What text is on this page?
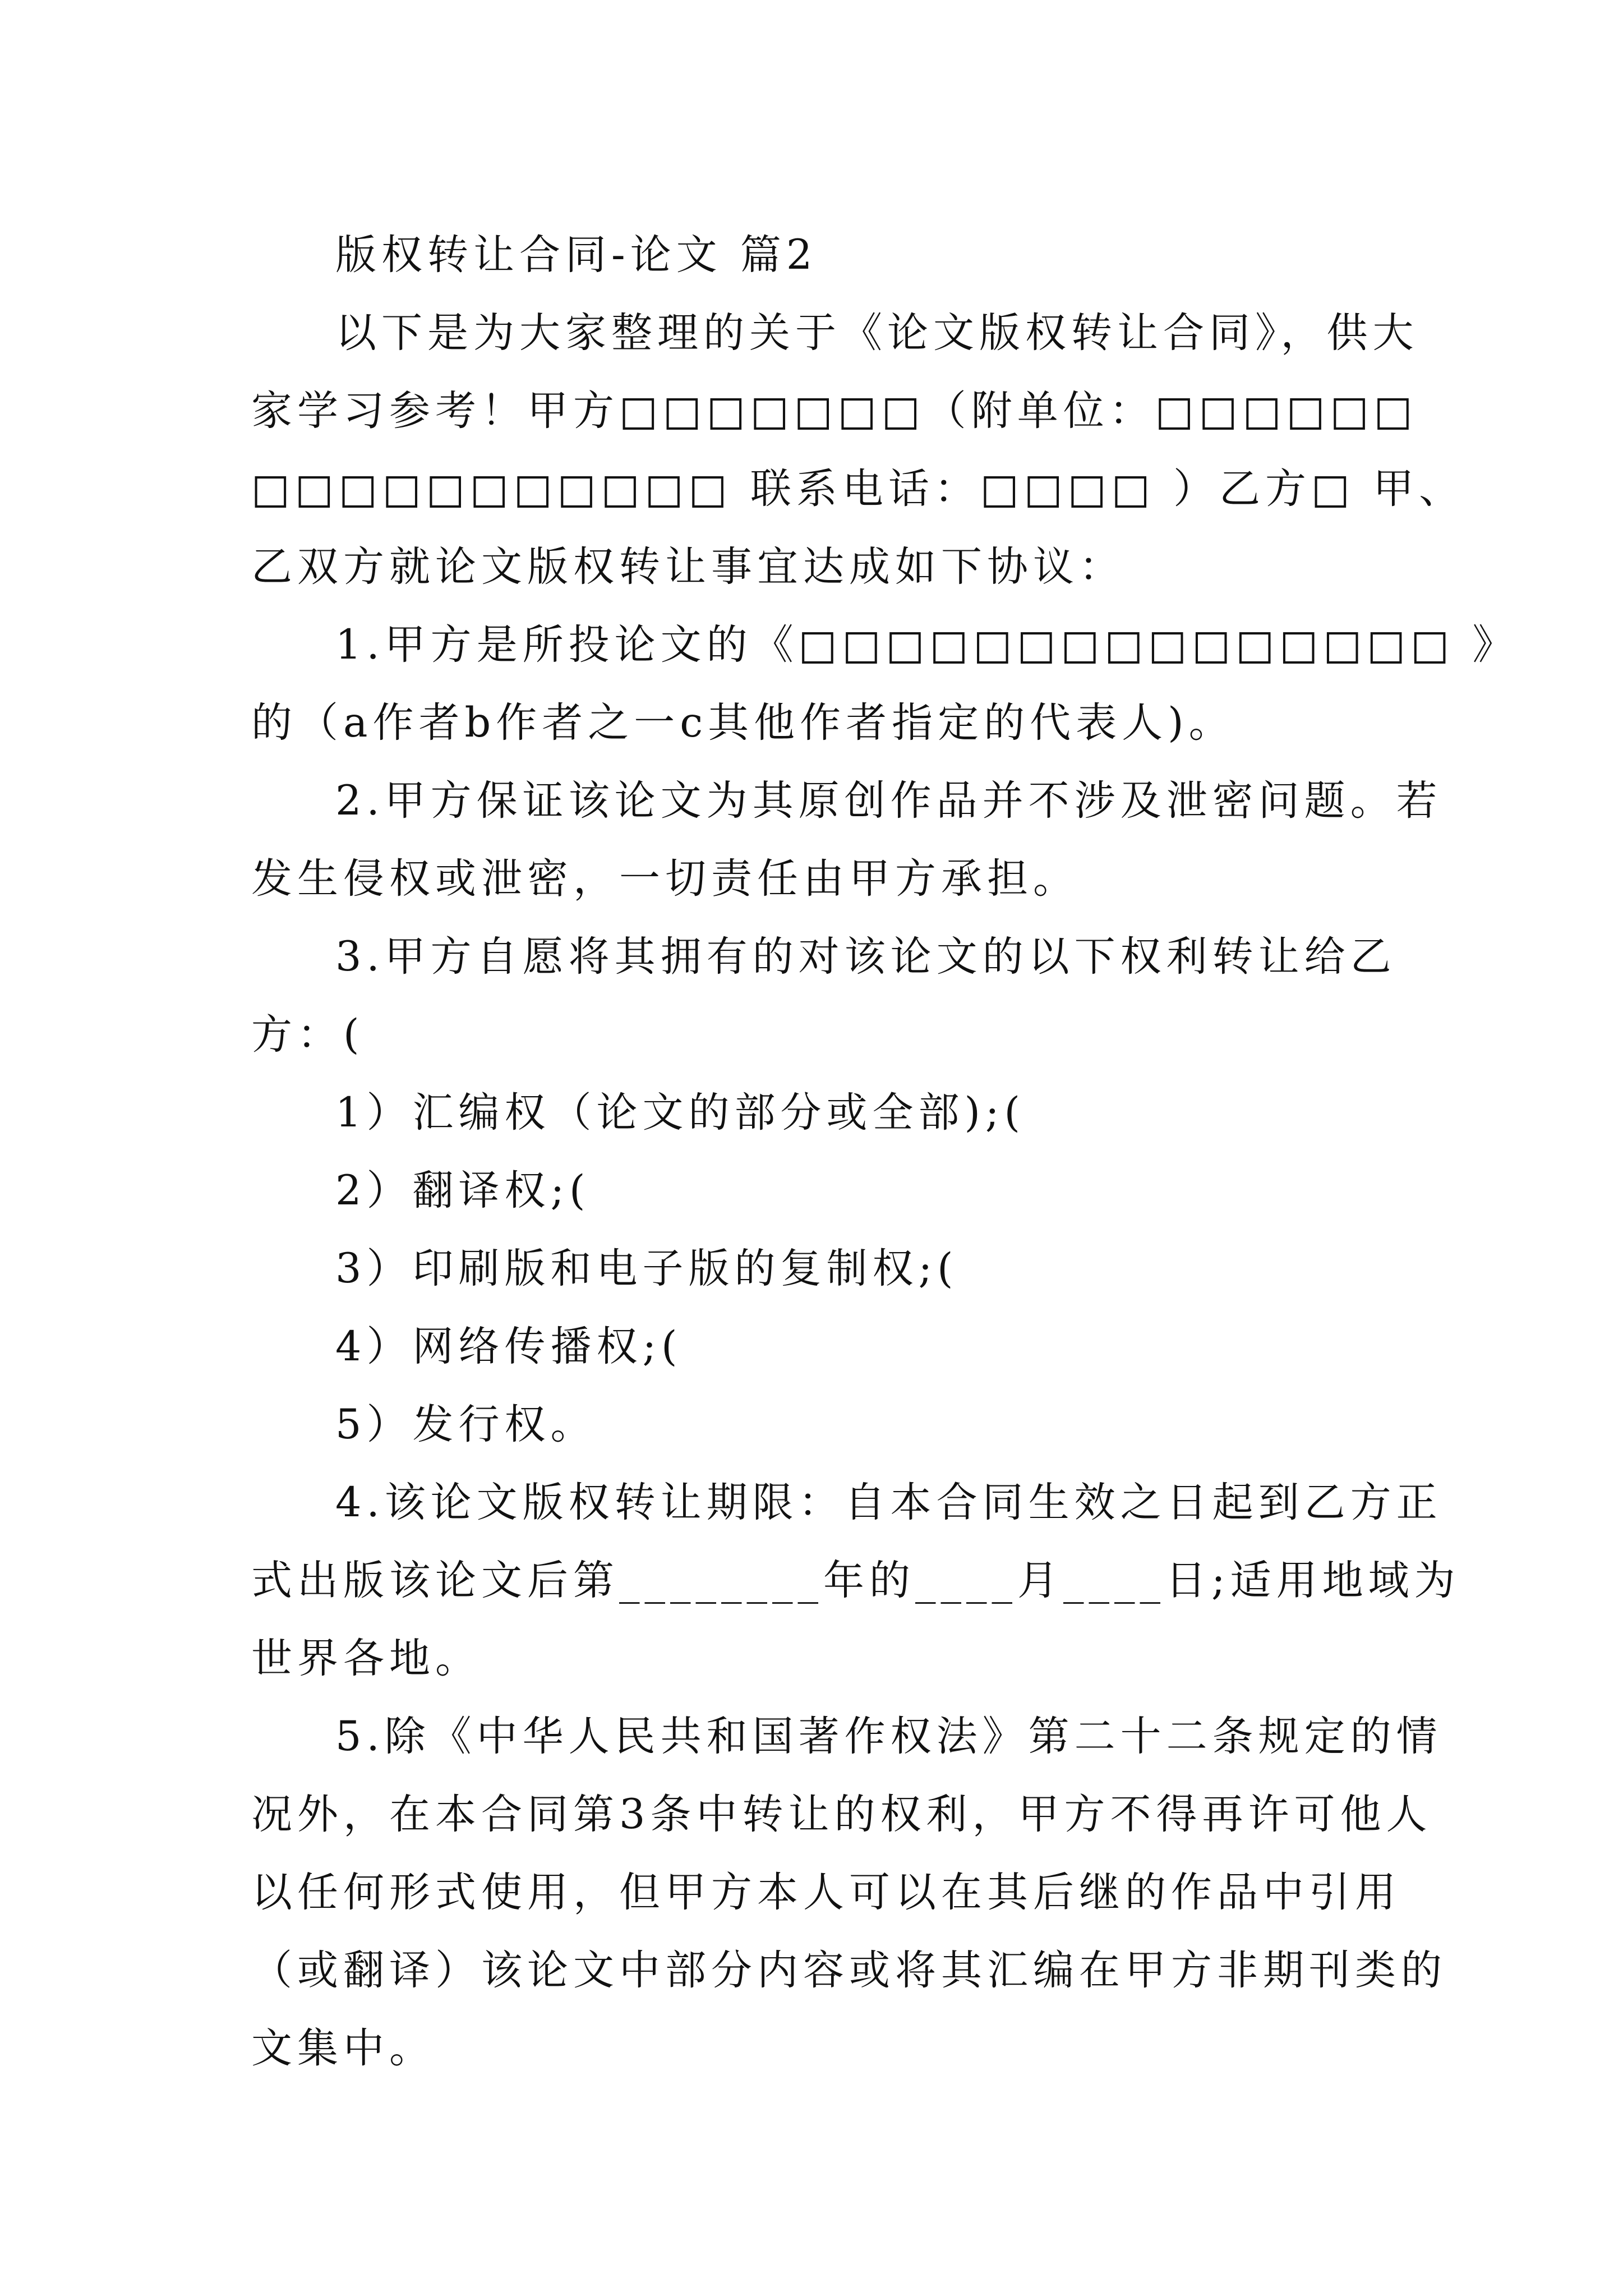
版权转让合同-论文 篇2
以下是为大家整理的关于《论文版权转让合同》，供大
家学习参考！甲方□□□□□□□（附单位：□□□□□□
□□□□□□□□□□□ 联系电话：□□□□ ）乙方□ 甲、
乙双方就论文版权转让事宜达成如下协议：
1.甲方是所投论文的《□□□□□□□□□□□□□□□ 》
的（a作者b作者之一c其他作者指定的代表人)。
2.甲方保证该论文为其原创作品并不涉及泄密问题。若
发生侵权或泄密，一切责任由甲方承担。
3.甲方自愿将其拥有的对该论文的以下权利转让给乙
方：(
1）汇编权（论文的部分或全部);(
2）翻译权;(
3）印刷版和电子版的复制权;(
4）网络传播权;(
5）发行权。
4.该论文版权转让期限：自本合同生效之日起到乙方正
式出版该论文后第________年的____月____日;适用地域为
世界各地。
5.除《中华人民共和国著作权法》第二十二条规定的情
况外，在本合同第3条中转让的权利，甲方不得再许可他人
以任何形式使用，但甲方本人可以在其后继的作品中引用
（或翻译）该论文中部分内容或将其汇编在甲方非期刊类的
文集中。
